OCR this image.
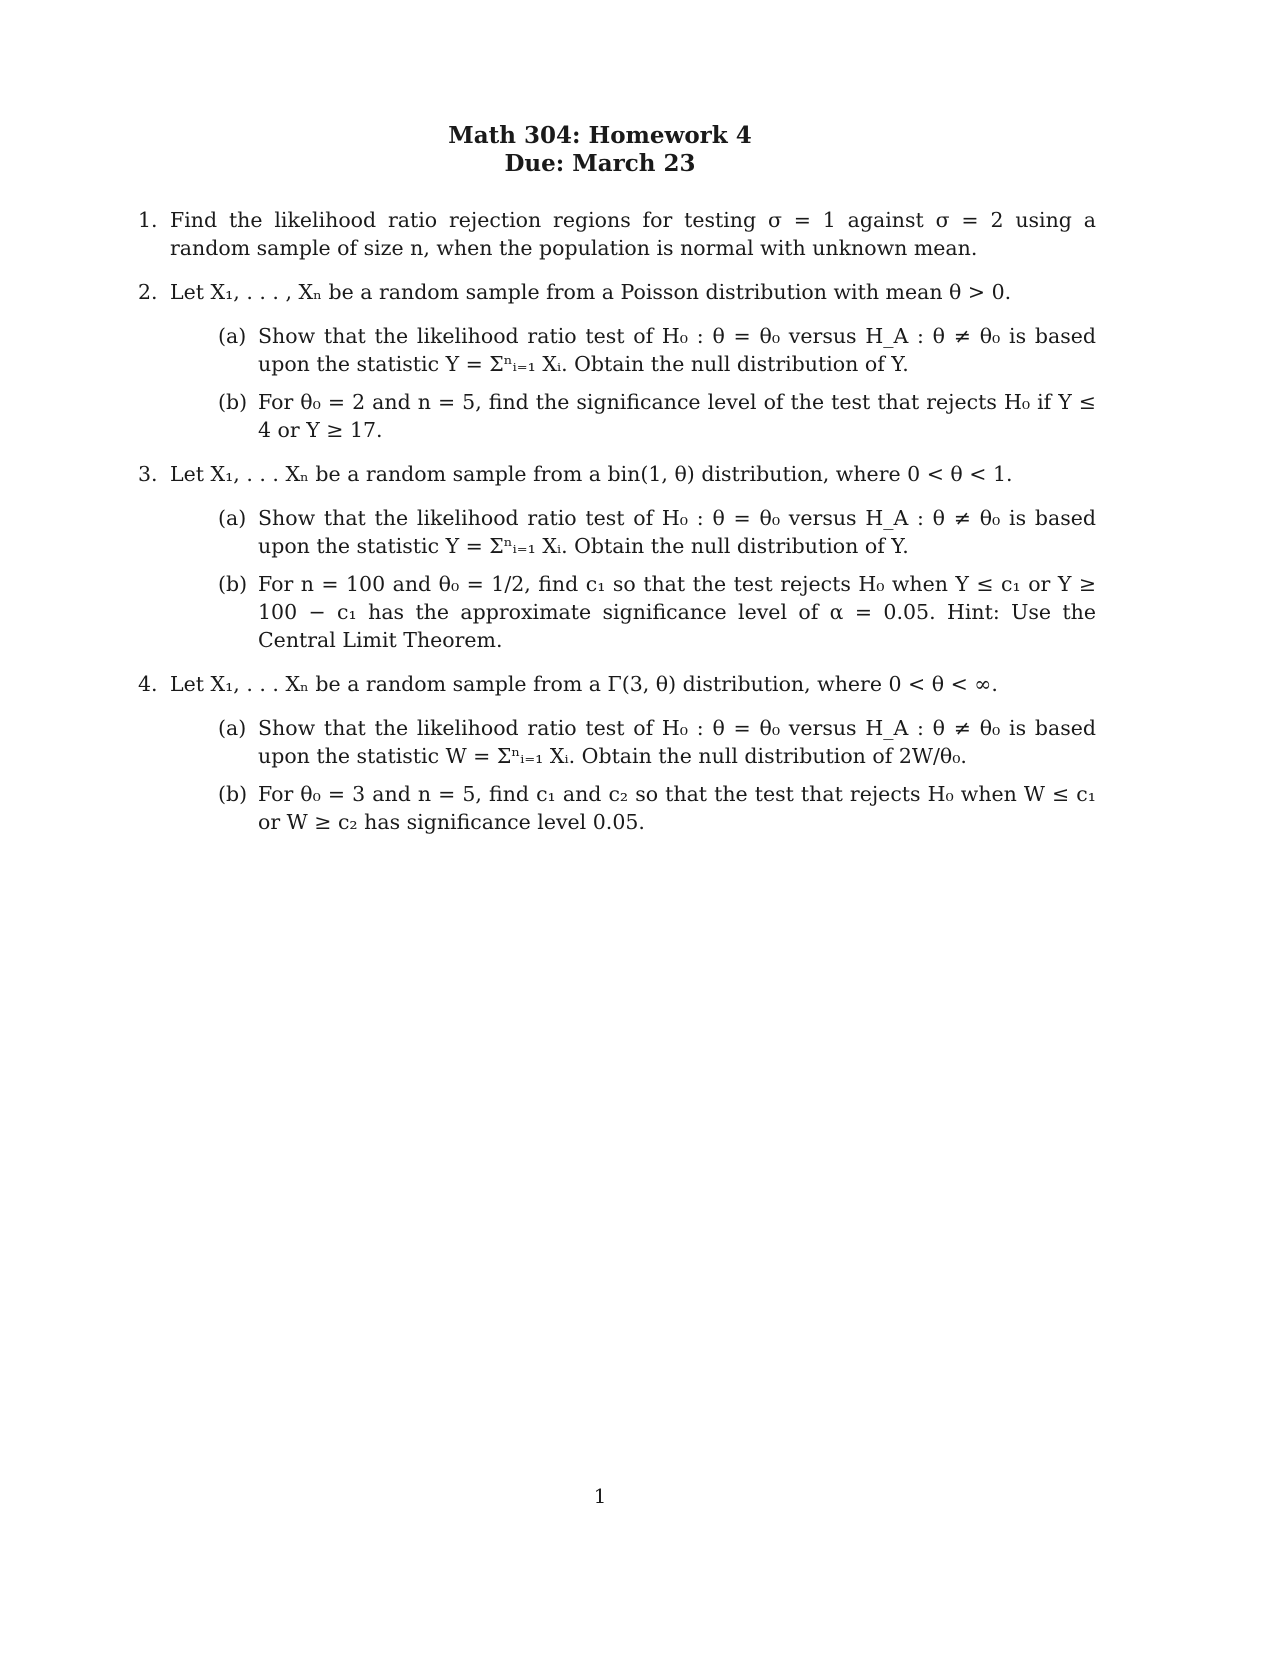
Math 304: Homework 4
Due: March 23
1. Find the likelihood ratio rejection regions for testing σ = 1 against σ = 2 using a random sample of size n, when the population is normal with unknown mean.

2. Let X₁, . . . , Xₙ be a random sample from a Poisson distribution with mean θ > 0.

(a) Show that the likelihood ratio test of H₀ : θ = θ₀ versus H_A : θ ≠ θ₀ is based upon the statistic Y = Σⁿᵢ₌₁ Xᵢ. Obtain the null distribution of Y.

(b) For θ₀ = 2 and n = 5, find the significance level of the test that rejects H₀ if Y ≤ 4 or Y ≥ 17.

3. Let X₁, . . . Xₙ be a random sample from a bin(1, θ) distribution, where 0 < θ < 1.

(a) Show that the likelihood ratio test of H₀ : θ = θ₀ versus H_A : θ ≠ θ₀ is based upon the statistic Y = Σⁿᵢ₌₁ Xᵢ. Obtain the null distribution of Y.

(b) For n = 100 and θ₀ = 1/2, find c₁ so that the test rejects H₀ when Y ≤ c₁ or Y ≥ 100 − c₁ has the approximate significance level of α = 0.05. Hint: Use the Central Limit Theorem.

4. Let X₁, . . . Xₙ be a random sample from a Γ(3, θ) distribution, where 0 < θ < ∞.

(a) Show that the likelihood ratio test of H₀ : θ = θ₀ versus H_A : θ ≠ θ₀ is based upon the statistic W = Σⁿᵢ₌₁ Xᵢ. Obtain the null distribution of 2W/θ₀.

(b) For θ₀ = 3 and n = 5, find c₁ and c₂ so that the test that rejects H₀ when W ≤ c₁ or W ≥ c₂ has significance level 0.05.

1
